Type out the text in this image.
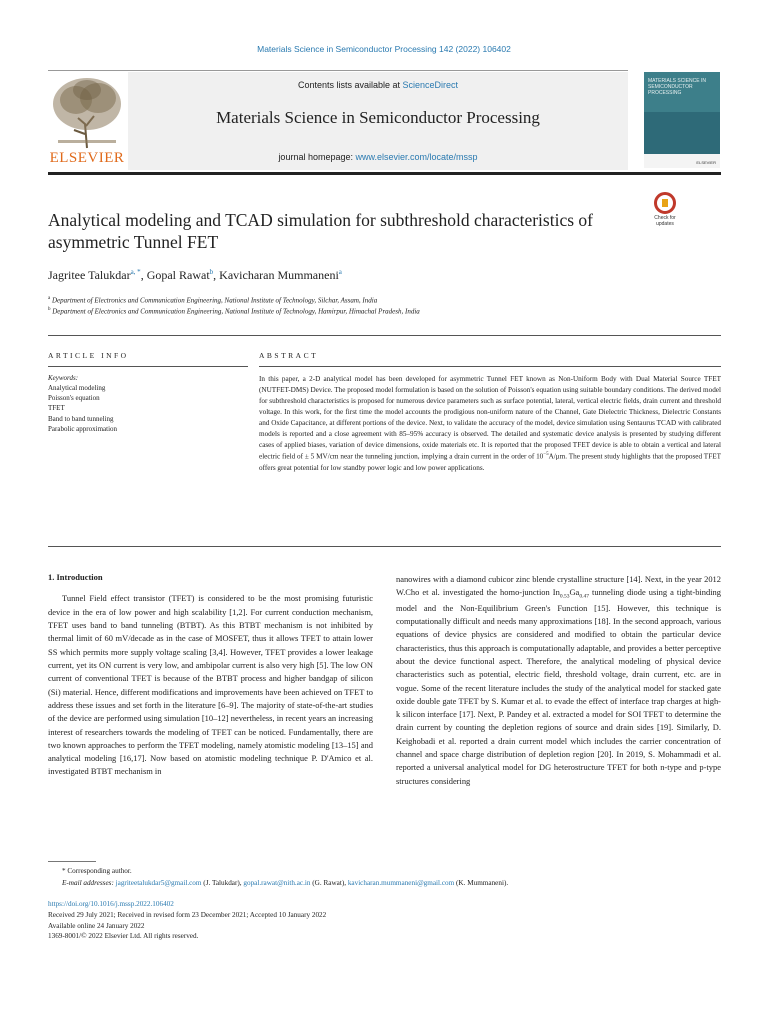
Materials Science in Semiconductor Processing 142 (2022) 106402
ELSEVIER
Contents lists available at ScienceDirect
Materials Science in Semiconductor Processing
journal homepage: www.elsevier.com/locate/mssp
MATERIALS SCIENCE IN SEMICONDUCTOR PROCESSING
ELSEVIER
Analytical modeling and TCAD simulation for subthreshold characteristics of asymmetric Tunnel FET
Check for updates
Jagritee Talukdar$^{a, *}$, Gopal Rawat$^b$, Kavicharan Mummaneni$^a$
$^a$ Department of Electronics and Communication Engineering, National Institute of Technology, Silchar, Assam, India
$^b$ Department of Electronics and Communication Engineering, National Institute of Technology, Hamirpur, Himachal Pradesh, India
ARTICLE INFO	ABSTRACT
Keywords:
Analytical modeling
Poisson's equation
TFET
Band to band tunneling
Parabolic approximation
In this paper, a 2-D analytical model has been developed for asymmetric Tunnel FET known as Non-Uniform Body with Dual Material Source TFET (NUTFET-DMS) Device. The proposed model formulation is based on the solution of Poisson's equation using suitable boundary conditions. The derived model for subthreshold characteristics is proposed for numerous device parameters such as surface potential, lateral, vertical electric fields, drain current and threshold voltage. In this work, for the first time the model accounts the prodigious non-uniform nature of the Channel, Gate Dielectric Thickness, Dielectric Constants and Oxide Capacitance, at different portions of the device. Next, to validate the accuracy of the model, device simulation using Sentaurus TCAD with calibrated models is reported and a close agreement with 85–95% accuracy is observed. The detailed and systematic device analysis is presented by studying different cases of applied biases, variation of device dimensions, oxide materials etc. It is reported that the proposed TFET device is able to obtain a vertical and lateral electric field of ± 5 MV/cm near the tunneling junction, implying a drain current in the order of $10^{-5}A/\mu m$. The present study highlights that the proposed TFET offers great potential for low standby power logic and low power applications.
1. Introduction

Tunnel Field effect transistor (TFET) is considered to be the most promising futuristic device in the era of low power and high scalability [1,2]. For current conduction mechanism, TFET uses band to band tunneling (BTBT). As this BTBT mechanism is not inhibited by thermal limit of 60 mV/decade as in the case of MOSFET, thus it allows TFET to attain lower SS which permits more supply voltage scaling [3,4]. However, TFET provides a lower leakage current, yet its ON current is very low, and ambipolar current is also very high [5]. The low ON current of conventional TFET is because of the BTBT process and higher bandgap of silicon (Si) material. Hence, different modifications and improvements have been achieved on TFET to address these issues and set forth in the literature [6–9]. The majority of state-of-the-art studies of the device are performed using simulation [10–12] nevertheless, in recent years an increasing interest of researchers towards the modeling of TFET can be noticed. Fundamentally, there are two known approaches to perform the TFET modeling, namely atomistic modeling [13–15] and analytical modeling [16,17]. Now based on atomistic modeling technique P. D'Amico et al. investigated BTBT mechanism in

nanowires with a diamond cubicor zinc blende crystalline structure [14]. Next, in the year 2012 W.Cho et al. investigated the homo-junction $In_{0.53}Ga_{0.47}$ tunneling diode using a tight-binding model and the Non-Equilibrium Green's Function [15]. However, this technique is computationally difficult and needs many approximations [18]. In the second approach, various equations of device physics are considered and modified to obtain the particular device characteristics, thus this approach is computationally adaptable, and provides a better perceptive about the device functional aspect. Therefore, the analytical modeling of physical device characteristics such as potential, electric field, threshold voltage, drain current, etc. are in vogue. Some of the recent literature includes the study of the analytical model for stacked gate oxide double gate TFET by S. Kumar et al. to evade the effect of interface trap charges at high-k silicon interface [17]. Next, P. Pandey et al. extracted a model for SOI TFET to determine the drain current by counting the depletion regions of source and drain sides [19]. Similarly, D. Keighobadi et al. reported a drain current model which includes the carrier concentration of channel and space charge distribution of depletion region [20]. In 2019, S. Mohammadi et al. reported a universal analytical model for DG heterostructure TFET for both n-type and p-type structures considering

* Corresponding author.
E-mail addresses: jagriteetalukdar5@gmail.com (J. Talukdar), gopal.rawat@nith.ac.in (G. Rawat), kavicharan.mummaneni@gmail.com (K. Mummaneni).
https://doi.org/10.1016/j.mssp.2022.106402
Received 29 July 2021; Received in revised form 23 December 2021; Accepted 10 January 2022
Available online 24 January 2022
1369-8001/© 2022 Elsevier Ltd. All rights reserved.
